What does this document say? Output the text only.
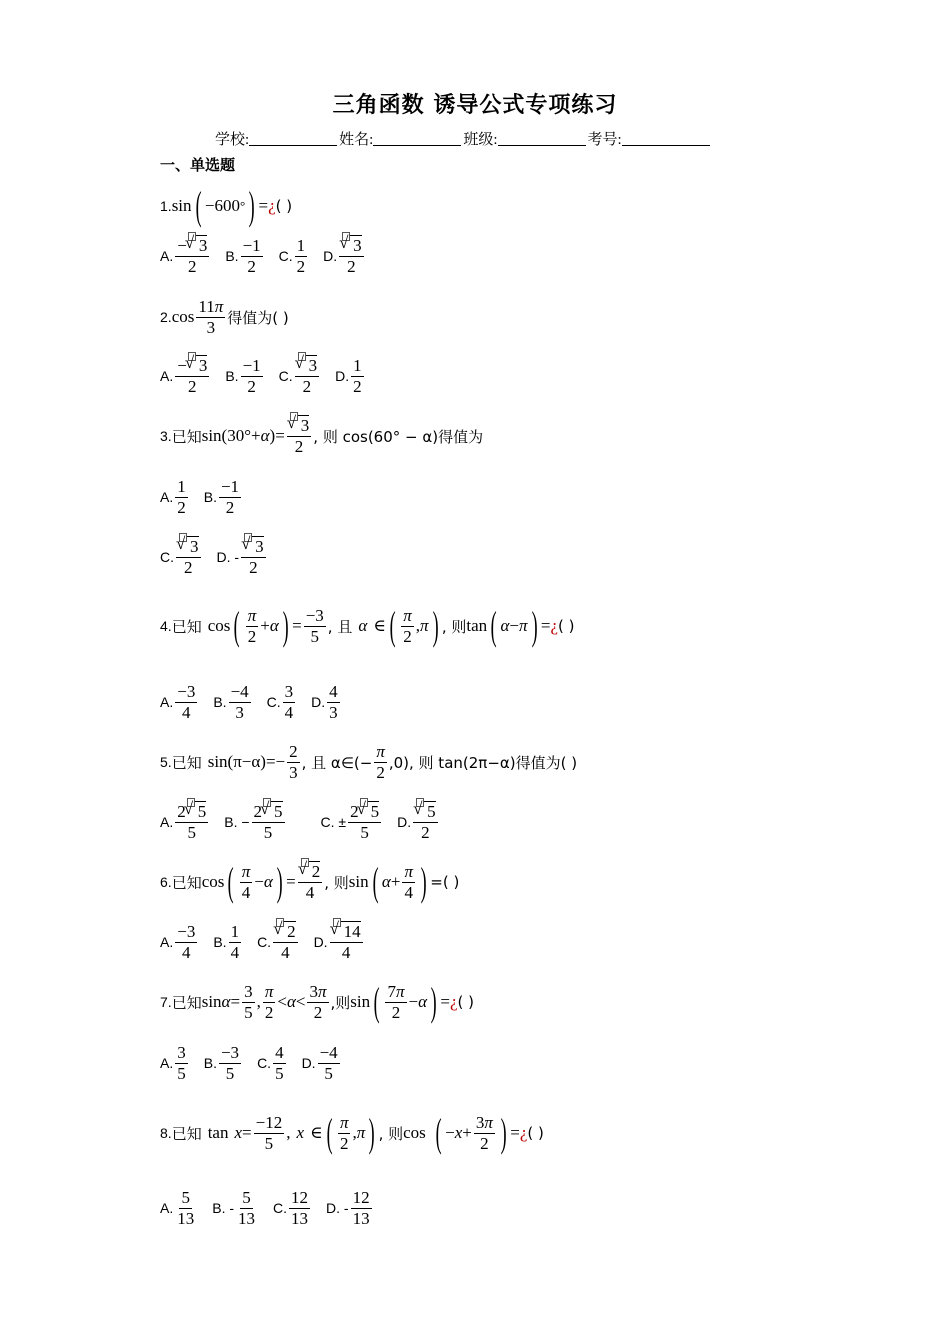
三角函数 诱导公式专项练习
学校:	姓名:	班级:	考号:
一、单选题
1. sin ( −600 ° ) = ¿ ( )
A. −
√ 3
2 B. $\frac{-1}{2} C$. $\frac{1}{2} D$. $\frac{√ 3}{2}$
2. $\cos \frac{11\pi}{3}$ 得值为( )
A. −
√ 3
2 B. $\frac{-1}{2} C$. $\frac{√ 3}{2} D$. $\frac{1}{2}$
3. 已知 sin (30°+ α )= $\frac{√ 3}{2}$ , 则 cos(60° − α)得值为
A. $\frac{1}{2} B$. $\frac{-1}{2}$
C. $\frac{√ 3}{2} D$. - $\frac{√ 3}{2}$
4. 已知 cos ( $\frac{\pi}{2} + \alpha$ ) = $\frac{-3}{5}$ , 且 α ∈ ( $\frac{\pi}{2}$ , π ) , 则 tan ( α − π ) = ¿ ( )
A. $\frac{-3}{4} B$. $\frac{-4}{3} C$. $\frac{3}{4} D$. $\frac{4}{3}$
5. 已知 $\sin(\pi-\alpha)=- \frac{2}{3}$ , 且 α∈(− $\frac{\pi}{2} ,0$), 则 tan(2π−α)得值为( )
A. 2
√ 5
5 B. − 2
√ 5
5	C. ± 2
√ 5
5 D. $\frac{√ 5}{2}$
6. 已知 cos ( $\frac{\pi}{4} - \alpha$ ) = $\frac{√ 2}{4}$ , 则 sin ( $\alpha + \frac{\pi}{4}$ ) =( )
A. $\frac{-3}{4} B$. $\frac{1}{4} C$. $\frac{√ 2}{4} D$. $\frac{√ 14}{4}$
7. 已知 $\sin \alpha = \frac{3}{5}$ , $\frac{\pi}{2} < \alpha < \frac{3\pi}{2}$ ,则 sin ( $\frac{7\pi}{2} - \alpha$ ) = ¿ ( )
A. $\frac{3}{5} B$. $\frac{-3}{5} C$. $\frac{4}{5} D$. $\frac{-4}{5}$
8. 已知 $\tan x = \frac{-12}{5}$ , x ∈ ( $\frac{\pi}{2}$ , π ) , 则 cos ( − $x + \frac{3\pi}{2}$ ) = ¿ ( )
A. $\frac{5}{13} B$. - $\frac{5}{13} C$. $\frac{12}{13} D$. - $\frac{12}{13}$
